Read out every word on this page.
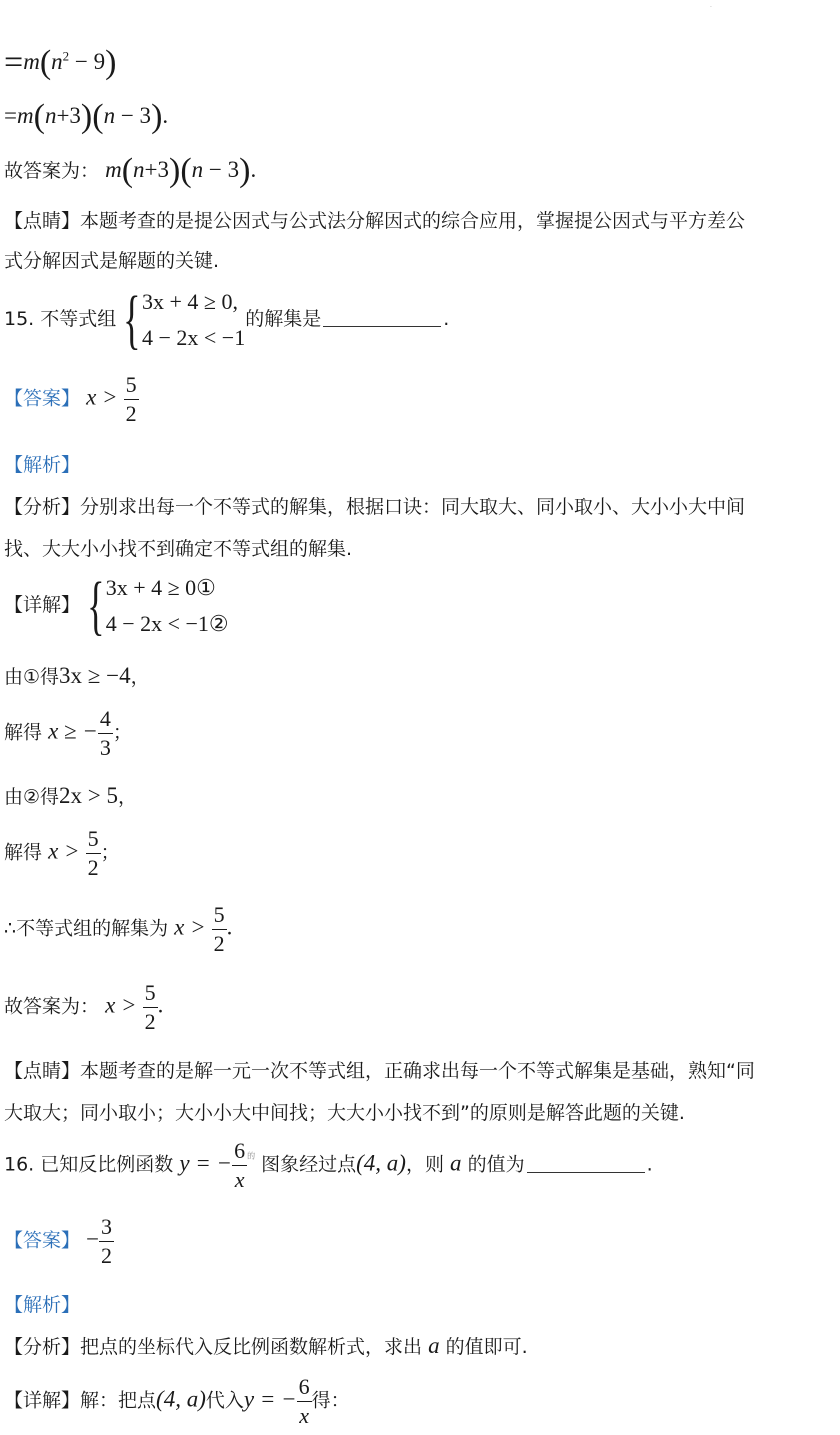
·
$=m(n^2 - 9)$
=m(n+3)(n − 3).
故答案为： m(n+3)(n − 3).
【点睛】本题考查的是提公因式与公式法分解因式的综合应用，掌握提公因式与平方差公
式分解因式是解题的关键.
15. 不等式组 { 3x + 4 ≥ 0,
4 − 2x < −1
的解集是	.
【答案】 $x > \frac{5}{2}$
【解析】
【分析】分别求出每一个不等式的解集，根据口诀：同大取大、同小取小、大小小大中间
找、大大小小找不到确定不等式组的解集.
【详解】 { 3x + 4 ≥ 0①
4 − 2x < −1②
由①得3x ≥ −4，
解得 x ≥ − $\frac{4}{3}$ ；
由②得2x > 5，
解得 $x > \frac{5}{2}$ ；
∴不等式组的解集为 $x > \frac{5}{2}$ .
故答案为： $x > \frac{5}{2}$ .
【点睛】本题考查的是解一元一次不等式组，正确求出每一个不等式解集是基础，熟知“同
大取大；同小取小；大小小大中间找；大大小小找不到”的原则是解答此题的关键.
16. 已知反比例函数 y = − $\frac{6}{x} ^的$ 图象经过点(4, a)，则 a 的值为	.
【答案】 − $\frac{3}{2}$
【解析】
【分析】把点的坐标代入反比例函数解析式，求出 a 的值即可.
【详解】解：把点(4, a)代入y = − $\frac{6}{x}$ 得：
